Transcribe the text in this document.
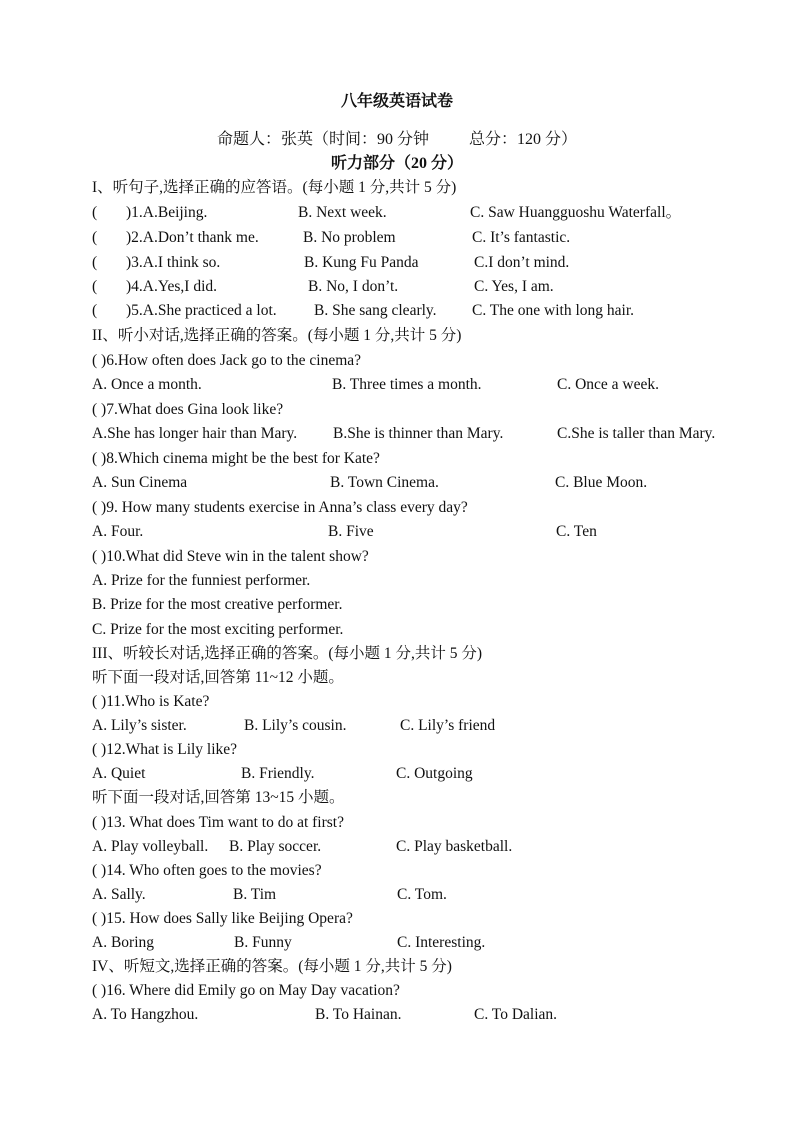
八年级英语试卷
命题人：张英（时间：90 分钟	总分：120 分）
听力部分（20 分）
I、听句子,选择正确的应答语。(每小题 1 分,共计 5 分)
( )1.A.Beijing.	B. Next week.	C. Saw Huangguoshu Waterfall。
( )2.A.Don’t thank me.	B. No problem	C. It’s fantastic.
( )3.A.I think so.	B. Kung Fu Panda	C.I don’t mind.
( )4.A.Yes,I did.	B. No, I don’t.	C. Yes, I am.
( )5.A.She practiced a lot. B. She sang clearly. C. The one with long hair.
II、听小对话,选择正确的答案。(每小题 1 分,共计 5 分)
( )6.How often does Jack go to the cinema?
A. Once a month.	B. Three times a month.	C. Once a week.
( )7.What does Gina look like?
A.She has longer hair than Mary. B.She is thinner than Mary.	C.She is taller than Mary.
( )8.Which cinema might be the best for Kate?
A. Sun Cinema	B. Town Cinema.	C. Blue Moon.
( )9. How many students exercise in Anna’s class every day?
A. Four.	B. Five	C. Ten
( )10.What did Steve win in the talent show?
A. Prize for the funniest performer.
B. Prize for the most creative performer.
C. Prize for the most exciting performer.
III、听较长对话,选择正确的答案。(每小题 1 分,共计 5 分)
听下面一段对话,回答第 11~12 小题。
( )11.Who is Kate?
A. Lily’s sister.	B. Lily’s cousin.	C. Lily’s friend
( )12.What is Lily like?
A. Quiet	B. Friendly.	C. Outgoing
听下面一段对话,回答第 13~15 小题。
( )13. What does Tim want to do at first?
A. Play volleyball. B. Play soccer.	C. Play basketball.
( )14. Who often goes to the movies?
A. Sally.	B. Tim	C. Tom.
( )15. How does Sally like Beijing Opera?
A. Boring	B. Funny	C. Interesting.
IV、听短文,选择正确的答案。(每小题 1 分,共计 5 分)
( )16. Where did Emily go on May Day vacation?
A. To Hangzhou.	B. To Hainan.	C. To Dalian.
